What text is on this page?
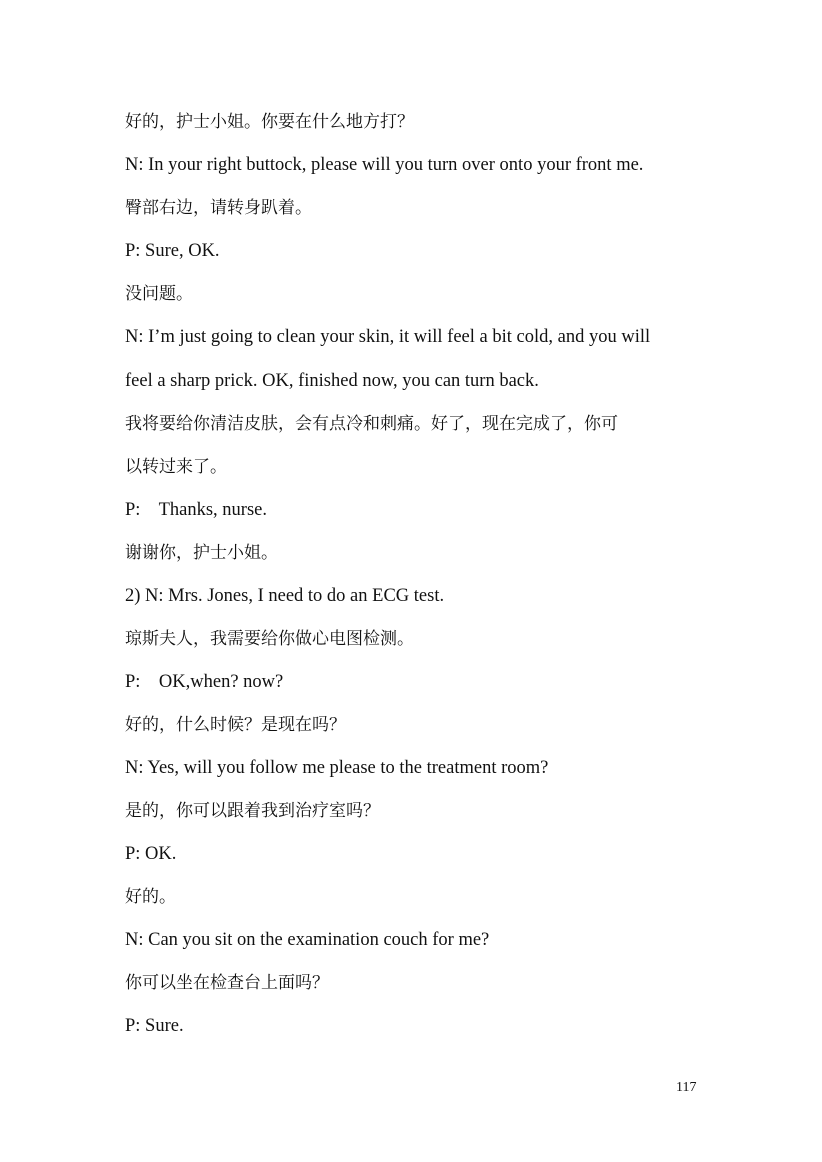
好的，护士小姐。你要在什么地方打？

N: In your right buttock, please will you turn over onto your front me.

臀部右边，请转身趴着。

P: Sure, OK.

没问题。

N: I’m just going to clean your skin, it will feel a bit cold, and you will

feel a sharp prick. OK, finished now, you can turn back.

我将要给你清洁皮肤，会有点冷和刺痛。好了，现在完成了，你可

以转过来了。

P:    Thanks, nurse.

谢谢你，护士小姐。

2) N: Mrs. Jones, I need to do an ECG test.

琼斯夫人，我需要给你做心电图检测。

P:    OK,when? now?

好的，什么时候？是现在吗？

N: Yes, will you follow me please to the treatment room?

是的，你可以跟着我到治疗室吗？

P: OK.

好的。

N: Can you sit on the examination couch for me?

你可以坐在检查台上面吗？

P: Sure.

117
